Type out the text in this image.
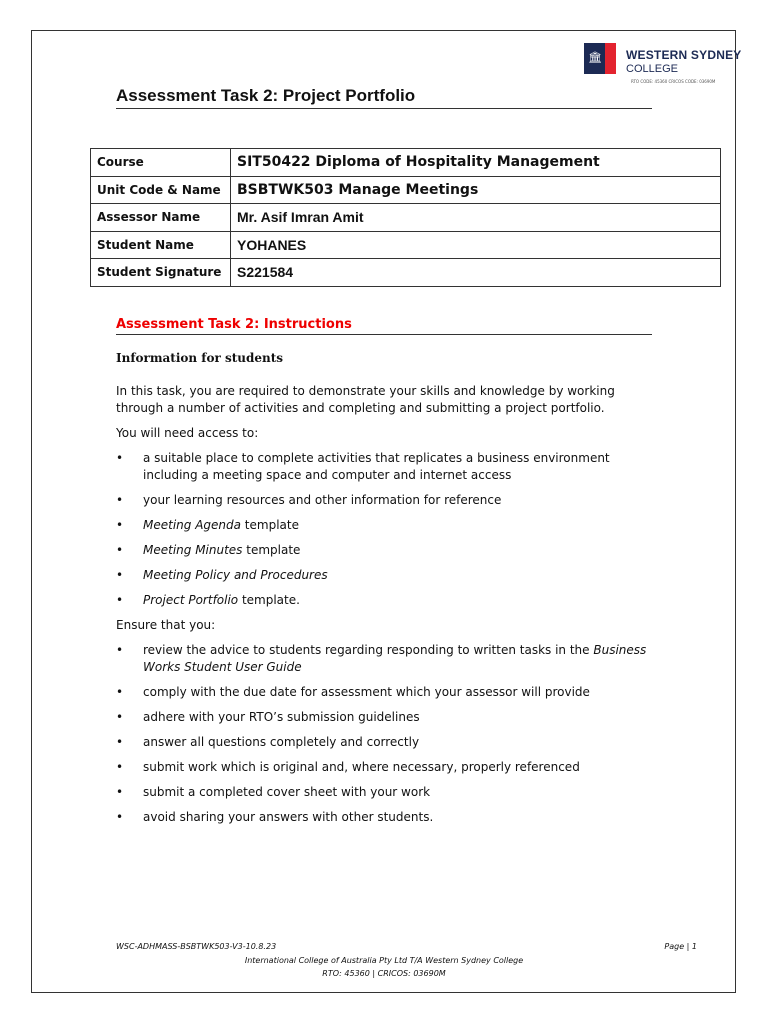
🏛 WESTERN SYDNEY
COLLEGE
RTO CODE: 45360 CRICOS CODE: 03690M
Assessment Task 2: Project Portfolio
Course	SIT50422 Diploma of Hospitality Management
Unit Code & Name	BSBTWK503 Manage Meetings
Assessor Name	Mr. Asif Imran Amit
Student Name	YOHANES
Student Signature	S221584
Assessment Task 2: Instructions
Information for students
In this task, you are required to demonstrate your skills and knowledge by working through a number of activities and completing and submitting a project portfolio.
You will need access to:
• a suitable place to complete activities that replicates a business environment including a meeting space and computer and internet access
• your learning resources and other information for reference
• Meeting Agenda template
• Meeting Minutes template
• Meeting Policy and Procedures
• Project Portfolio template.
Ensure that you:
• review the advice to students regarding responding to written tasks in the Business Works Student User Guide
• comply with the due date for assessment which your assessor will provide
• adhere with your RTO’s submission guidelines
• answer all questions completely and correctly
• submit work which is original and, where necessary, properly referenced
• submit a completed cover sheet with your work
• avoid sharing your answers with other students.
WSC-ADHMASS-BSBTWK503-V3-10.8.23	Page | 1
International College of Australia Pty Ltd T/A Western Sydney College
RTO: 45360 | CRICOS: 03690M
